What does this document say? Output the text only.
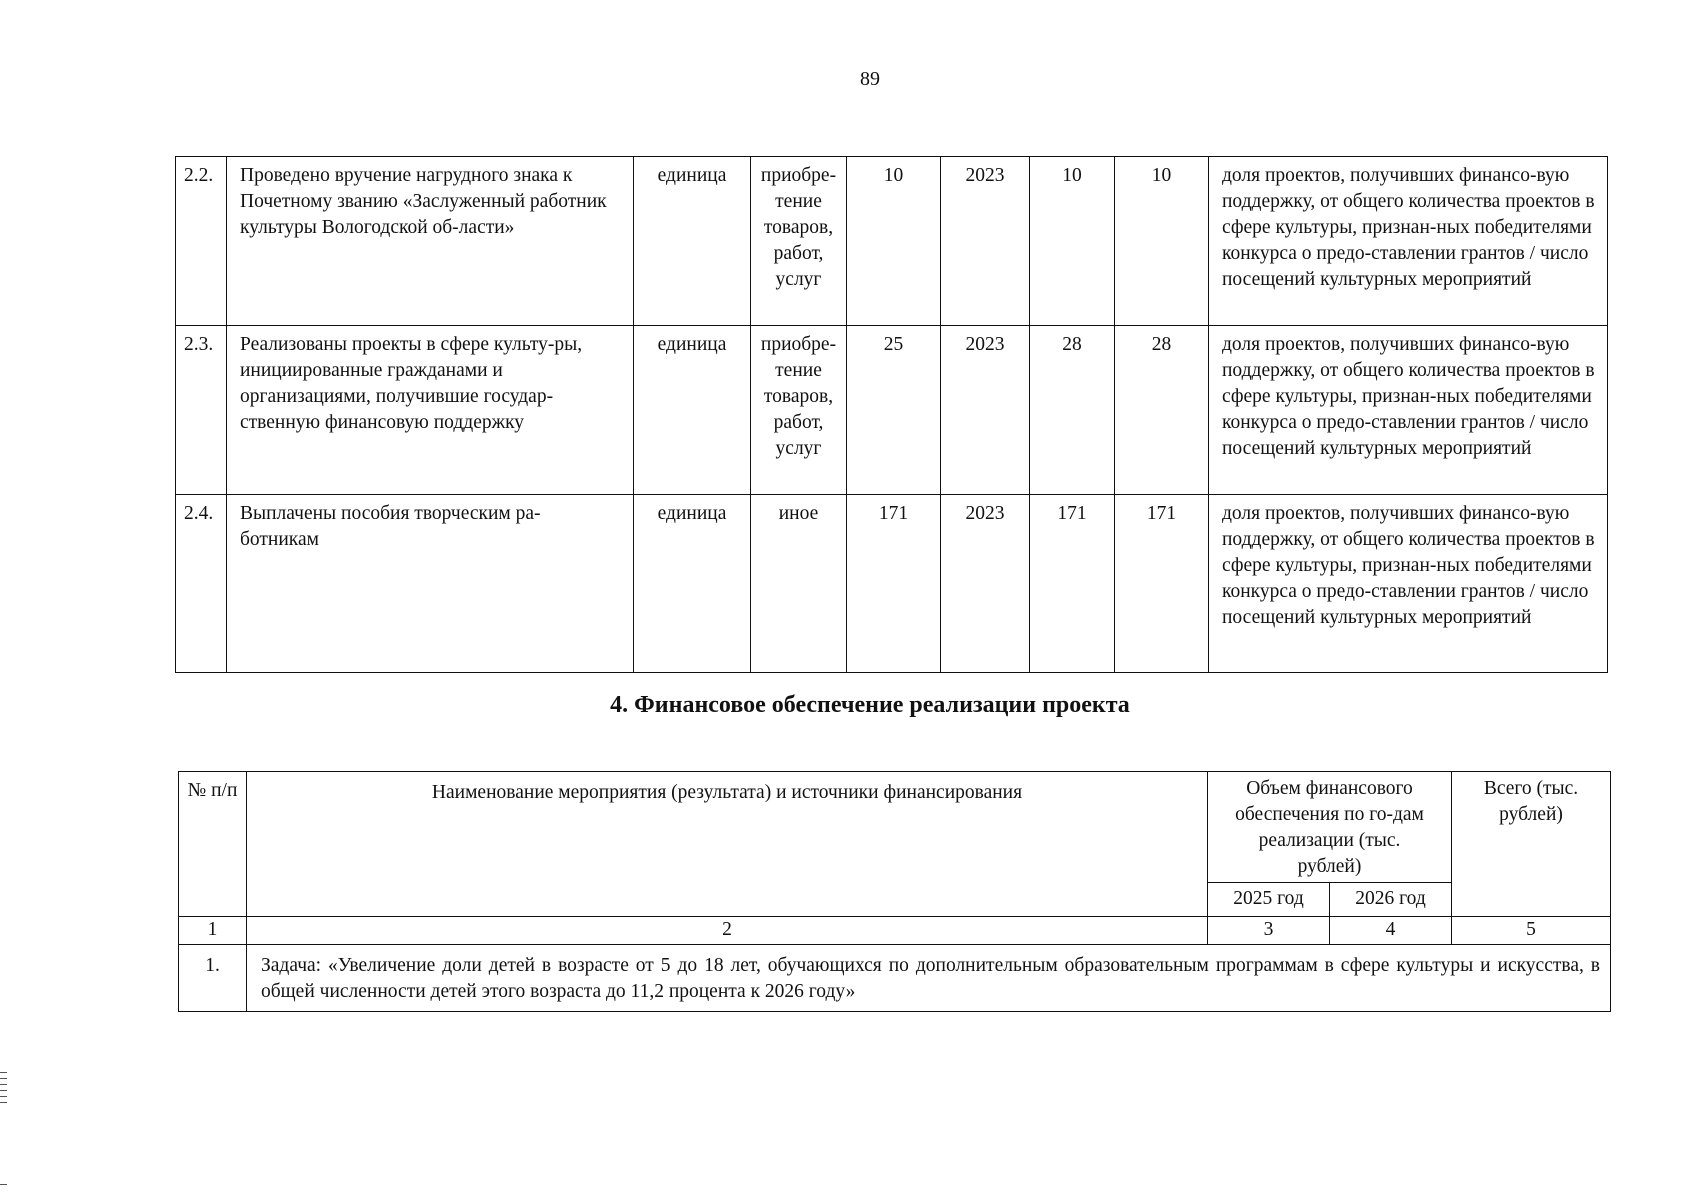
89
2.2.	Проведено вручение нагрудного знака к Почетному званию «Заслуженный работник культуры Вологодской об-ласти»	единица	приобре-тение товаров, работ, услуг	10	2023	10	10	доля проектов, получивших финансо-вую поддержку, от общего количества проектов в сфере культуры, признан-ных победителями конкурса о предо-ставлении грантов / число посещений культурных мероприятий
2.3.	Реализованы проекты в сфере культу-ры, инициированные гражданами и организациями, получившие государ-ственную финансовую поддержку	единица	приобре-тение товаров, работ, услуг	25	2023	28	28	доля проектов, получивших финансо-вую поддержку, от общего количества проектов в сфере культуры, признан-ных победителями конкурса о предо-ставлении грантов / число посещений культурных мероприятий
2.4.	Выплачены пособия творческим ра-ботникам	единица	иное	171	2023	171	171	доля проектов, получивших финансо-вую поддержку, от общего количества проектов в сфере культуры, признан-ных победителями конкурса о предо-ставлении грантов / число посещений культурных мероприятий
4. Финансовое обеспечение реализации проекта
№ п/п	Наименование мероприятия (результата) и источники финансирования	Объем финансового обеспечения по го-дам реализации (тыс. рублей)		Всего (тыс. рублей)
		2025 год	2026 год	
1	2	3	4	5
1.	Задача: «Увеличение доли детей в возрасте от 5 до 18 лет, обучающихся по дополнительным образовательным программам в сфере культуры и искусства, в общей численности детей этого возраста до 11,2 процента к 2026 году»			
